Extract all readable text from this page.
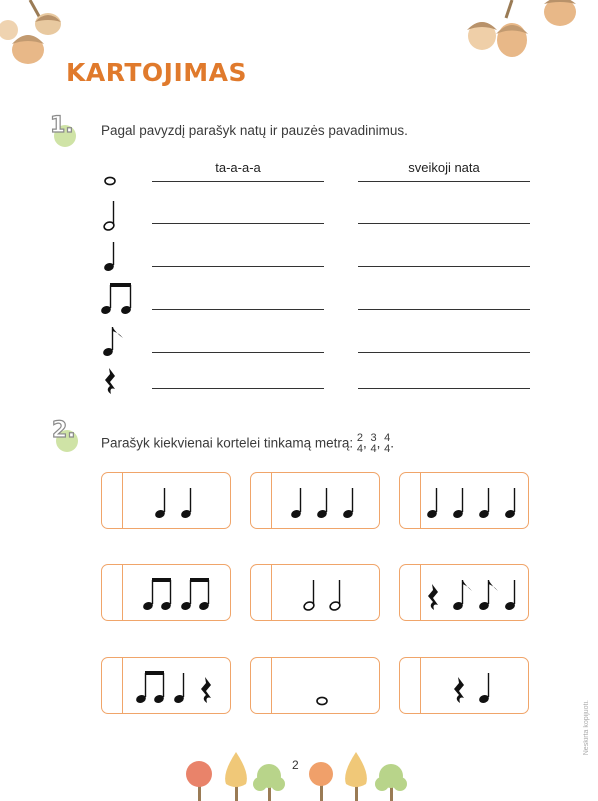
KARTOJIMAS
1. Pagal pavyzdį parašyk natų ir pauzės pavadinimus.
ta-a-a-a	sveikoji nata
2.
Parašyk kiekvienai kortelei tinkamą metrą: 2
4, 3
4, 4
4.
2
Neskirta kopijuoti.
